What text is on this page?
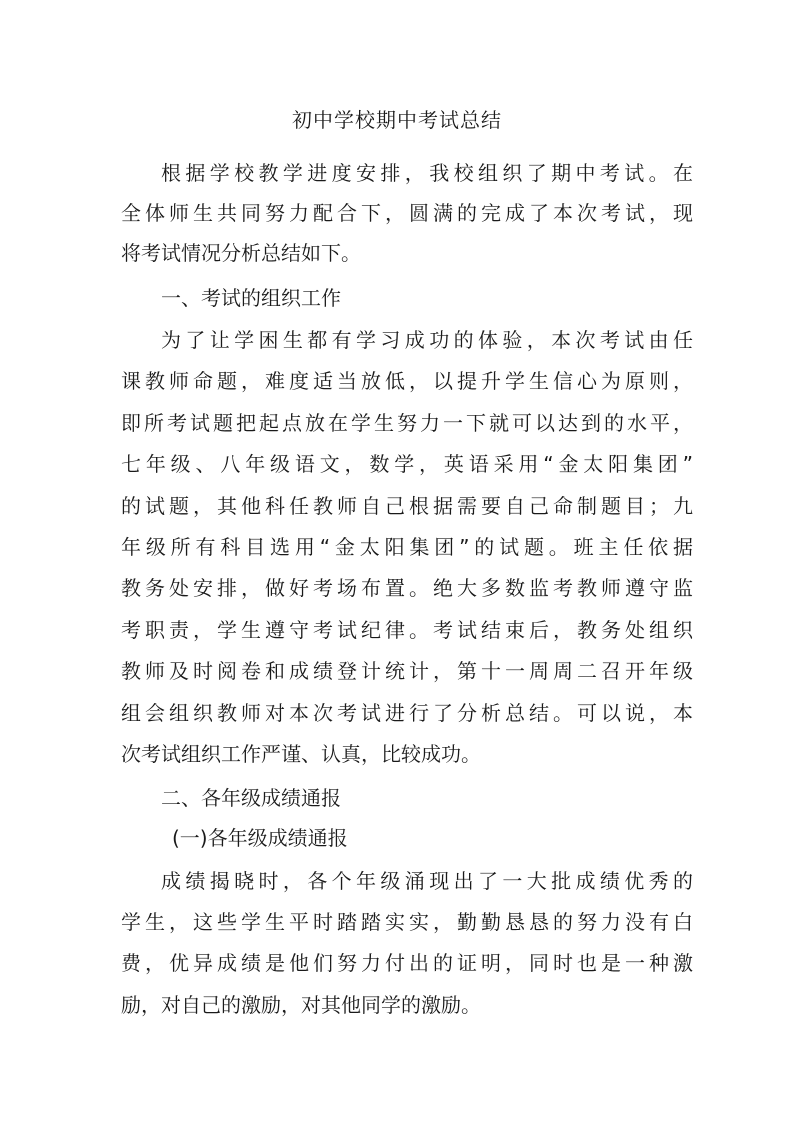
初中学校期中考试总结
根据学校教学进度安排，我校组织了期中考试。在
全体师生共同努力配合下，圆满的完成了本次考试，现
将考试情况分析总结如下。
一、考试的组织工作
为了让学困生都有学习成功的体验，本次考试由任
课教师命题，难度适当放低，以提升学生信心为原则，
即所考试题把起点放在学生努力一下就可以达到的水平，
七年级、八年级语文，数学，英语采用“金太阳集团”
的试题，其他科任教师自己根据需要自己命制题目；九
年级所有科目选用“金太阳集团”的试题。班主任依据
教务处安排，做好考场布置。绝大多数监考教师遵守监
考职责，学生遵守考试纪律。考试结束后，教务处组织
教师及时阅卷和成绩登计统计，第十一周周二召开年级
组会组织教师对本次考试进行了分析总结。可以说，本
次考试组织工作严谨、认真，比较成功。
二、各年级成绩通报
(一)各年级成绩通报
成绩揭晓时，各个年级涌现出了一大批成绩优秀的
学生，这些学生平时踏踏实实，勤勤恳恳的努力没有白
费，优异成绩是他们努力付出的证明，同时也是一种激
励，对自己的激励，对其他同学的激励。
